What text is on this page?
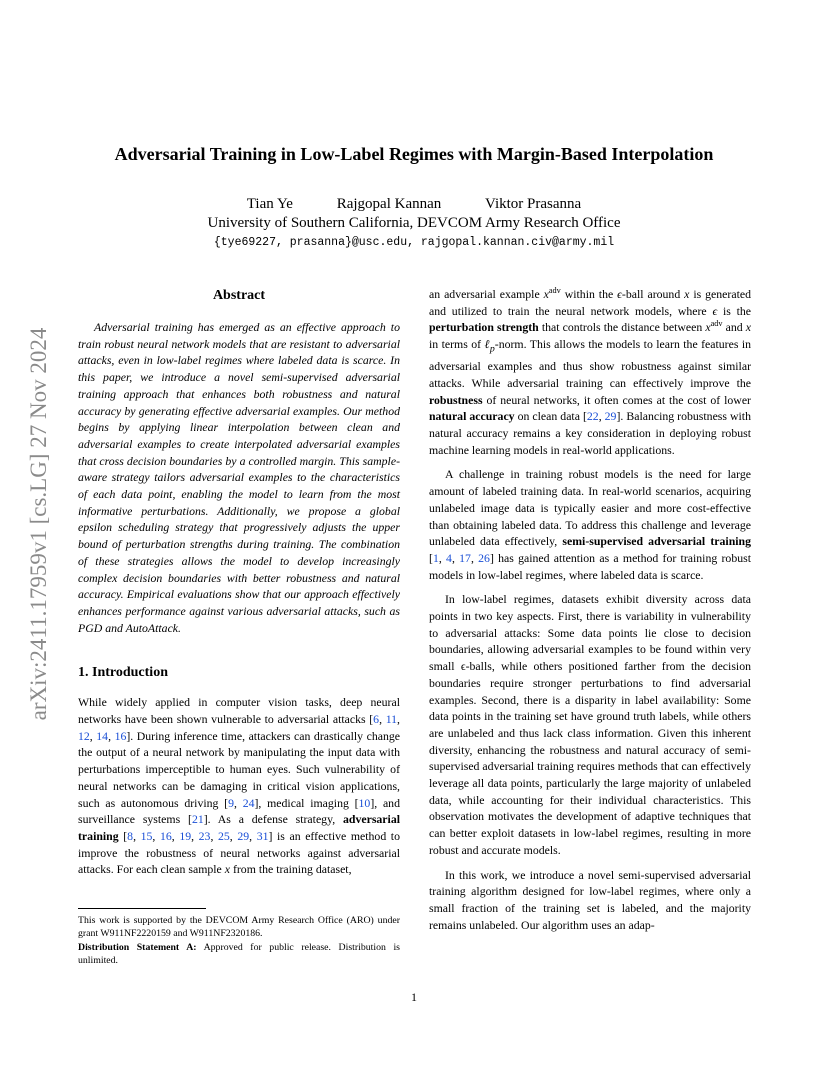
arXiv:2411.17959v1 [cs.LG] 27 Nov 2024
Adversarial Training in Low-Label Regimes with Margin-Based Interpolation
Tian Ye	Rajgopal Kannan	Viktor Prasanna
University of Southern California, DEVCOM Army Research Office
{tye69227, prasanna}@usc.edu, rajgopal.kannan.civ@army.mil
Abstract

Adversarial training has emerged as an effective approach to train robust neural network models that are resistant to adversarial attacks, even in low-label regimes where labeled data is scarce. In this paper, we introduce a novel semi-supervised adversarial training approach that enhances both robustness and natural accuracy by generating effective adversarial examples. Our method begins by applying linear interpolation between clean and adversarial examples to create interpolated adversarial examples that cross decision boundaries by a controlled margin. This sample-aware strategy tailors adversarial examples to the characteristics of each data point, enabling the model to learn from the most informative perturbations. Additionally, we propose a global epsilon scheduling strategy that progressively adjusts the upper bound of perturbation strengths during training. The combination of these strategies allows the model to develop increasingly complex decision boundaries with better robustness and natural accuracy. Empirical evaluations show that our approach effectively enhances performance against various adversarial attacks, such as PGD and AutoAttack.

1. Introduction

While widely applied in computer vision tasks, deep neural networks have been shown vulnerable to adversarial attacks [6, 11, 12, 14, 16]. During inference time, attackers can drastically change the output of a neural network by manipulating the input data with perturbations imperceptible to human eyes. Such vulnerability of neural networks can be damaging in critical vision applications, such as autonomous driving [9, 24], medical imaging [10], and surveillance systems [21]. As a defense strategy, adversarial training [8, 15, 16, 19, 23, 25, 29, 31] is an effective method to improve the robustness of neural networks against adversarial attacks. For each clean sample x from the training dataset,

an adversarial example $x^{adv}$ within the ϵ-ball around x is generated and utilized to train the neural network models, where ϵ is the perturbation strength that controls the distance between $x^{adv}$ and x in terms of ℓ$_p$-norm. This allows the models to learn the features in adversarial examples and thus show robustness against similar attacks. While adversarial training can effectively improve the robustness of neural networks, it often comes at the cost of lower natural accuracy on clean data [22, 29]. Balancing robustness with natural accuracy remains a key consideration in deploying robust machine learning models in real-world applications.

A challenge in training robust models is the need for large amount of labeled training data. In real-world scenarios, acquiring unlabeled image data is typically easier and more cost-effective than obtaining labeled data. To address this challenge and leverage unlabeled data effectively, semi-supervised adversarial training [1, 4, 17, 26] has gained attention as a method for training robust models in low-label regimes, where labeled data is scarce.

In low-label regimes, datasets exhibit diversity across data points in two key aspects. First, there is variability in vulnerability to adversarial attacks: Some data points lie close to decision boundaries, allowing adversarial examples to be found within very small ϵ-balls, while others positioned farther from the decision boundaries require stronger perturbations to find adversarial examples. Second, there is a disparity in label availability: Some data points in the training set have ground truth labels, while others are unlabeled and thus lack class information. Given this inherent diversity, enhancing the robustness and natural accuracy of semi-supervised adversarial training requires methods that can effectively leverage all data points, particularly the large majority of unlabeled data, while accounting for their individual characteristics. This observation motivates the development of adaptive techniques that can better exploit datasets in low-label regimes, resulting in more robust and accurate models.

In this work, we introduce a novel semi-supervised adversarial training algorithm designed for low-label regimes, where only a small fraction of the training set is labeled, and the majority remains unlabeled. Our algorithm uses an adap-

This work is supported by the DEVCOM Army Research Office (ARO) under grant W911NF2220159 and W911NF2320186.

Distribution Statement A: Approved for public release. Distribution is unlimited.

1
